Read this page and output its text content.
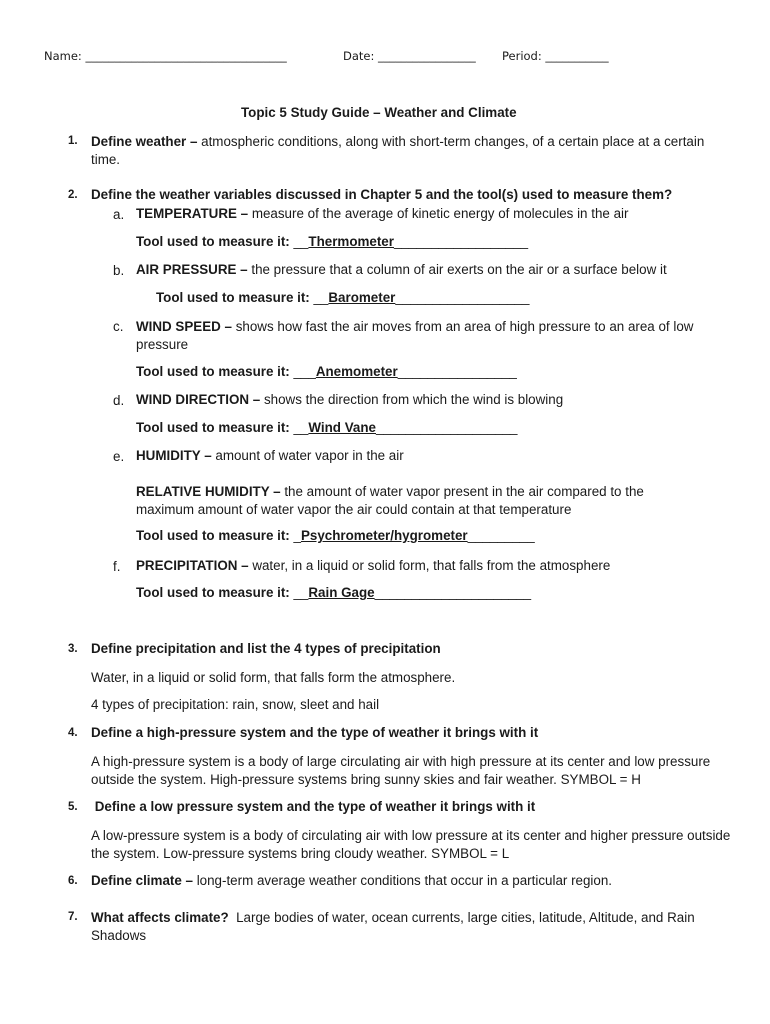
Name: ___________________________________	Date: _________________ Period: ___________
Topic 5 Study Guide – Weather and Climate
1. Define weather – atmospheric conditions, along with short-term changes, of a certain place at a certain time.
2. Define the weather variables discussed in Chapter 5 and the tool(s) used to measure them?
a. TEMPERATURE – measure of the average of kinetic energy of molecules in the air
Tool used to measure it: __Thermometer__________________
b. AIR PRESSURE – the pressure that a column of air exerts on the air or a surface below it
Tool used to measure it: __Barometer__________________
c. WIND SPEED – shows how fast the air moves from an area of high pressure to an area of low pressure
Tool used to measure it: ___Anemometer________________
d. WIND DIRECTION – shows the direction from which the wind is blowing
Tool used to measure it: __Wind Vane___________________
e. HUMIDITY – amount of water vapor in the air
RELATIVE HUMIDITY – the amount of water vapor present in the air compared to the maximum amount of water vapor the air could contain at that temperature
Tool used to measure it: _Psychrometer/hygrometer_________
f. PRECIPITATION – water, in a liquid or solid form, that falls from the atmosphere
Tool used to measure it: __Rain Gage_____________________
3. Define precipitation and list the 4 types of precipitation
Water, in a liquid or solid form, that falls form the atmosphere.
4 types of precipitation: rain, snow, sleet and hail
4. Define a high-pressure system and the type of weather it brings with it
A high-pressure system is a body of large circulating air with high pressure at its center and low pressure outside the system. High-pressure systems bring sunny skies and fair weather. SYMBOL = H
5. Define a low pressure system and the type of weather it brings with it
A low-pressure system is a body of circulating air with low pressure at its center and higher pressure outside the system. Low-pressure systems bring cloudy weather. SYMBOL = L
6. Define climate – long-term average weather conditions that occur in a particular region.
7. What affects climate?  Large bodies of water, ocean currents, large cities, latitude, Altitude, and Rain Shadows
